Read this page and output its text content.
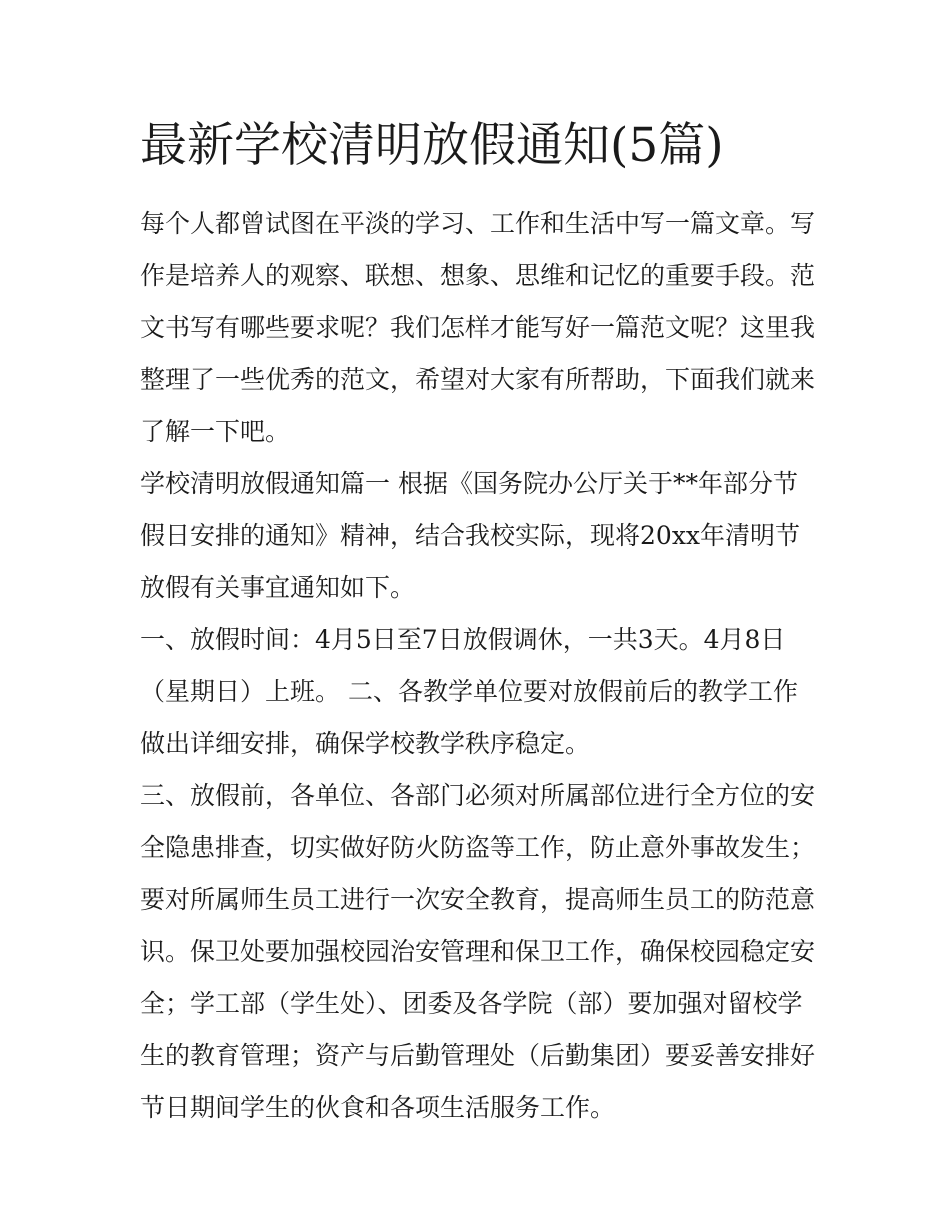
最新学校清明放假通知(5篇)

每个人都曾试图在平淡的学习、工作和生活中写一篇文章。写
作是培养人的观察、联想、想象、思维和记忆的重要手段。范
文书写有哪些要求呢？我们怎样才能写好一篇范文呢？这里我
整理了一些优秀的范文，希望对大家有所帮助，下面我们就来
了解一下吧。

学校清明放假通知篇一 根据《国务院办公厅关于**年部分节
假日安排的通知》精神，结合我校实际，现将20xx年清明节
放假有关事宜通知如下。

一、放假时间：4月5日至7日放假调休，一共3天。4月8日
（星期日）上班。 二、各教学单位要对放假前后的教学工作
做出详细安排，确保学校教学秩序稳定。

三、放假前，各单位、各部门必须对所属部位进行全方位的安
全隐患排查，切实做好防火防盗等工作，防止意外事故发生；
要对所属师生员工进行一次安全教育，提高师生员工的防范意
识。保卫处要加强校园治安管理和保卫工作，确保校园稳定安
全；学工部（学生处）、团委及各学院（部）要加强对留校学
生的教育管理；资产与后勤管理处（后勤集团）要妥善安排好
节日期间学生的伙食和各项生活服务工作。
